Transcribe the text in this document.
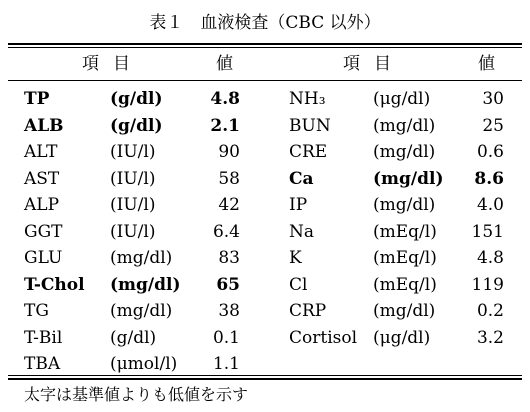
表１　血液検査（CBC 以外）
項目	値	項目	値
TP	(g/dl)	4.8	NH₃	(μg/dl)	30
ALB	(g/dl)	2.1	BUN (mg/dl)	25
ALT	(IU/l)	90	CRE	(mg/dl) 0.6
AST	(IU/l)	58	Ca	(mg/dl) 8.6
ALP	(IU/l)	42	IP	(mg/dl) 4.0
GGT	(IU/l)	6.4	Na	(mEq/l) 151
GLU	(mg/dl)	83	K	(mEq/l) 4.8
T-Chol (mg/dl) 65	Cl	(mEq/l) 119
TG	(mg/dl)	38	CRP	(mg/dl) 0.2
T-Bil	(g/dl)	0.1	Cortisol (μg/dl)	3.2
TBA	(μmol/l) 1.1
太字は基準値よりも低値を示す
